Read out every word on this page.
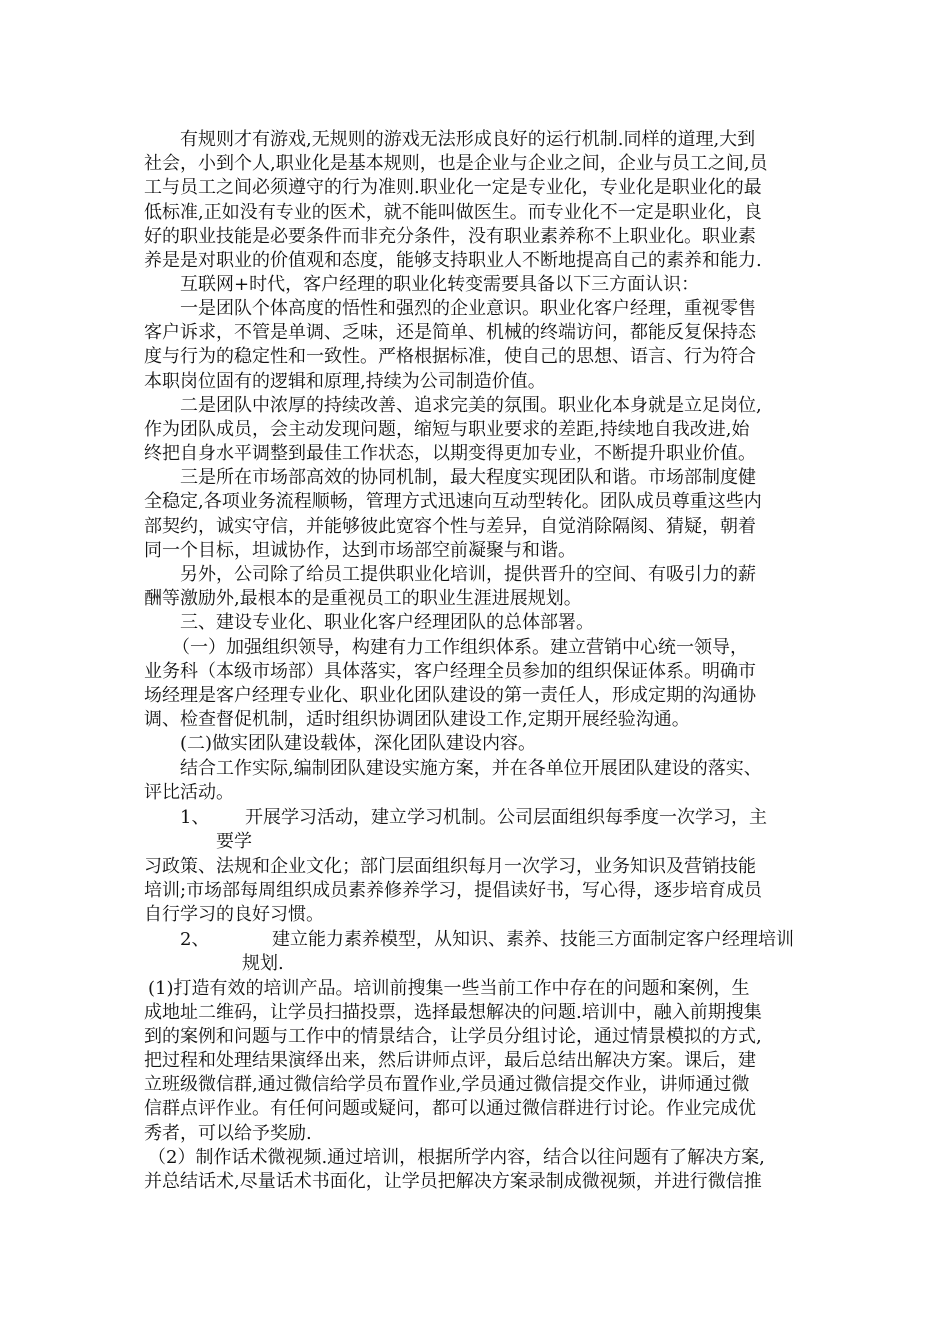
有规则才有游戏,无规则的游戏无法形成良好的运行机制.同样的道理,大到

社会，小到个人,职业化是基本规则，也是企业与企业之间，企业与员工之间,员

工与员工之间必须遵守的行为准则.职业化一定是专业化，专业化是职业化的最

低标准,正如没有专业的医术，就不能叫做医生。而专业化不一定是职业化，良

好的职业技能是必要条件而非充分条件，没有职业素养称不上职业化。职业素

养是是对职业的价值观和态度，能够支持职业人不断地提高自己的素养和能力.

互联网+时代，客户经理的职业化转变需要具备以下三方面认识：

一是团队个体高度的悟性和强烈的企业意识。职业化客户经理，重视零售

客户诉求，不管是单调、乏味，还是简单、机械的终端访问，都能反复保持态

度与行为的稳定性和一致性。严格根据标准，使自己的思想、语言、行为符合

本职岗位固有的逻辑和原理,持续为公司制造价值。

二是团队中浓厚的持续改善、追求完美的氛围。职业化本身就是立足岗位,

作为团队成员，会主动发现问题，缩短与职业要求的差距,持续地自我改进,始

终把自身水平调整到最佳工作状态，以期变得更加专业，不断提升职业价值。

三是所在市场部高效的协同机制，最大程度实现团队和谐。市场部制度健

全稳定,各项业务流程顺畅，管理方式迅速向互动型转化。团队成员尊重这些内

部契约，诚实守信，并能够彼此宽容个性与差异，自觉消除隔阂、猜疑，朝着

同一个目标，坦诚协作，达到市场部空前凝聚与和谐。

另外，公司除了给员工提供职业化培训，提供晋升的空间、有吸引力的薪

酬等激励外,最根本的是重视员工的职业生涯进展规划。

三、建设专业化、职业化客户经理团队的总体部署。

（一）加强组织领导，构建有力工作组织体系。建立营销中心统一领导，

业务科（本级市场部）具体落实，客户经理全员参加的组织保证体系。明确市

场经理是客户经理专业化、职业化团队建设的第一责任人，形成定期的沟通协

调、检查督促机制，适时组织协调团队建设工作,定期开展经验沟通。

(二)做实团队建设载体，深化团队建设内容。

结合工作实际,编制团队建设实施方案，并在各单位开展团队建设的落实、

评比活动。

1、 开展学习活动，建立学习机制。公司层面组织每季度一次学习，主

要学

习政策、法规和企业文化；部门层面组织每月一次学习，业务知识及营销技能

培训;市场部每周组织成员素养修养学习，提倡读好书，写心得，逐步培育成员

自行学习的良好习惯。

2、	建立能力素养模型，从知识、素养、技能三方面制定客户经理培训

规划.

(1)打造有效的培训产品。培训前搜集一些当前工作中存在的问题和案例，生

成地址二维码，让学员扫描投票，选择最想解决的问题.培训中，融入前期搜集

到的案例和问题与工作中的情景结合，让学员分组讨论，通过情景模拟的方式,

把过程和处理结果演绎出来，然后讲师点评，最后总结出解决方案。课后，建

立班级微信群,通过微信给学员布置作业,学员通过微信提交作业，讲师通过微

信群点评作业。有任何问题或疑问，都可以通过微信群进行讨论。作业完成优

秀者，可以给予奖励.

（2）制作话术微视频.通过培训，根据所学内容，结合以往问题有了解决方案,

并总结话术,尽量话术书面化，让学员把解决方案录制成微视频，并进行微信推
